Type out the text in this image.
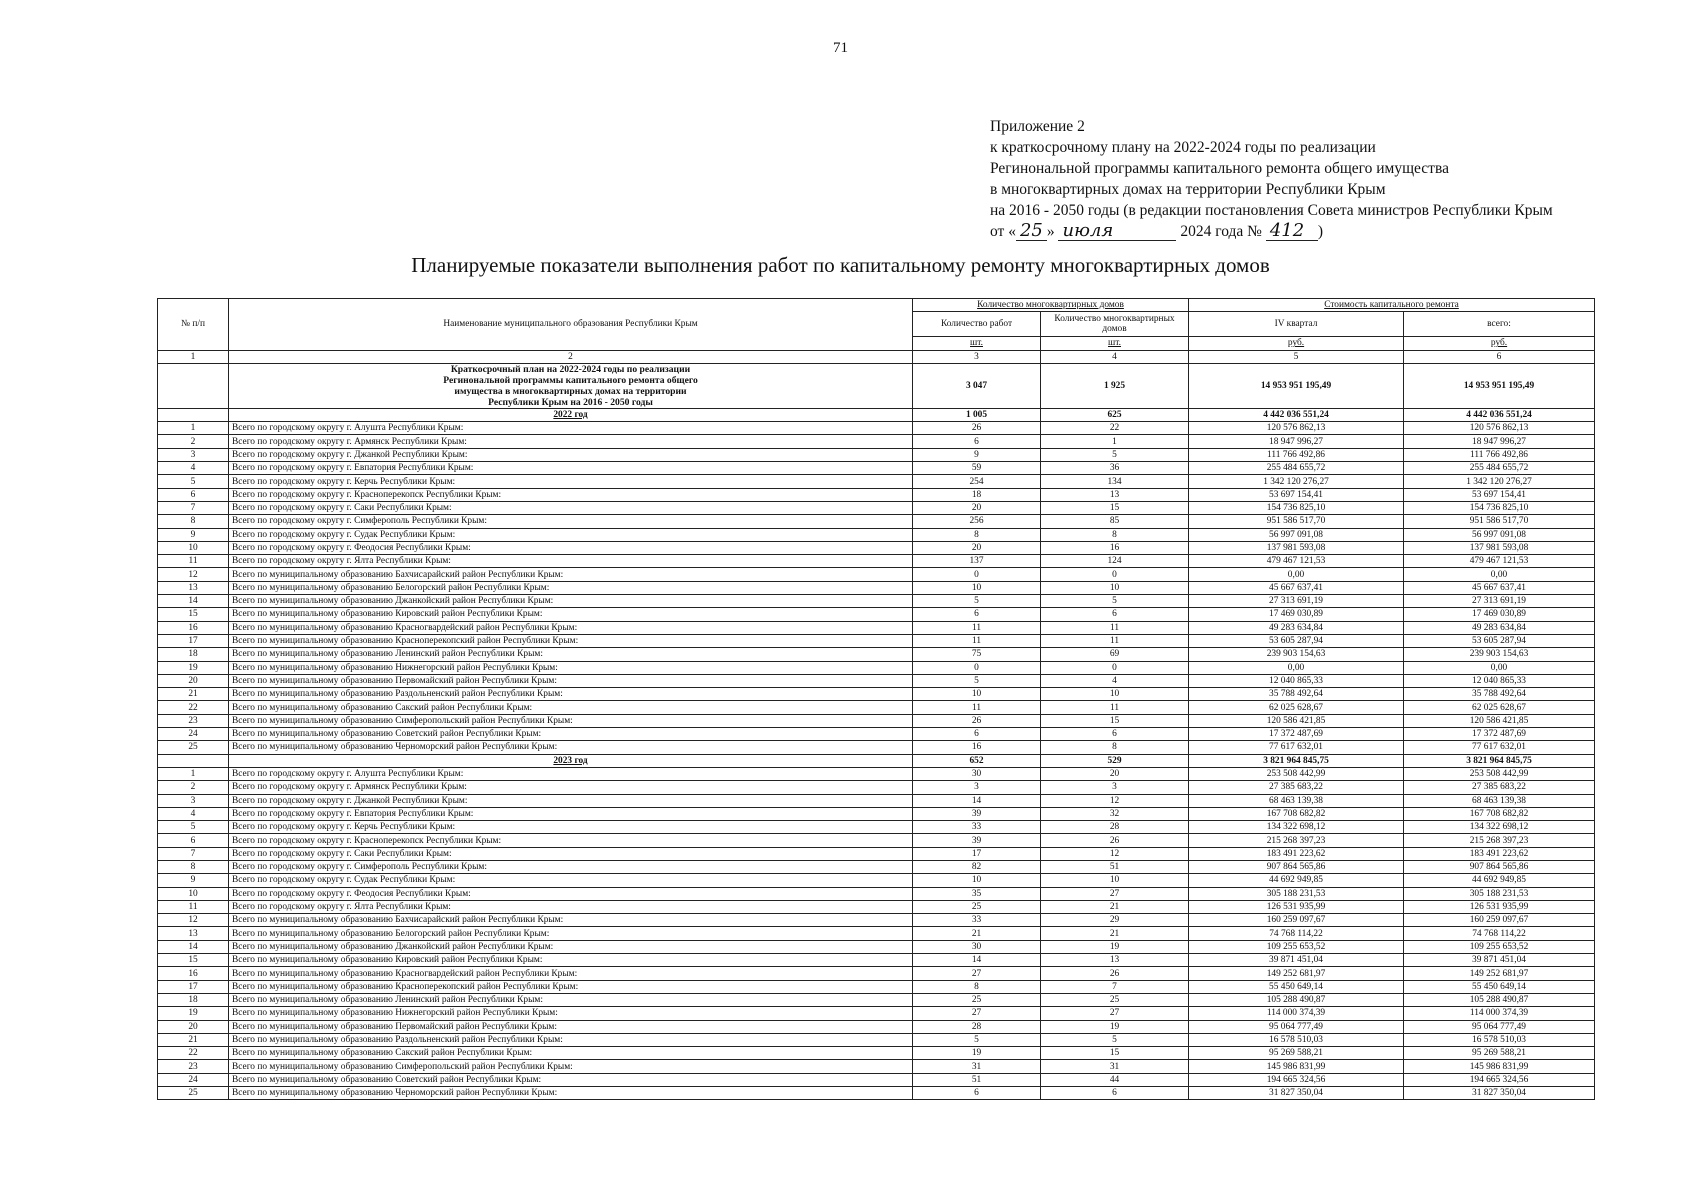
71
Приложение 2
к краткосрочному плану на 2022-2024 годы по реализации
Регинональной программы капитального ремонта общего имущества
в многоквартирных домах на территории Республики Крым
на 2016 - 2050 годы (в редакции постановления Совета министров Республики Крым
от « 25 » июля	2024 года № 412 )
Планируемые показатели выполнения работ по капитальному ремонту многоквартирных домов
№ п/п	Наименование муниципального образования Республики Крым	Количество многоквартирных домов		Стоимость капитального ремонта	
		Количество работ	Количество многоквартирных домов	IV квартал	всего:
		шт.	шт.	руб.	руб.
1	2	3	4	5	6
	Краткосрочный план на 2022-2024 годы по реализации Регинональной программы капитального ремонта общего имущества в многоквартирных домах на территории Республики Крым на 2016 - 2050 годы	3 047	1 925	14 953 951 195,49	14 953 951 195,49
	2022 год	1 005	625	4 442 036 551,24	4 442 036 551,24
1	Всего по городскому округу г. Алушта Республики Крым:	26	22	120 576 862,13	120 576 862,13
2	Всего по городскому округу г. Армянск Республики Крым:	6	1	18 947 996,27	18 947 996,27
3	Всего по городскому округу г. Джанкой Республики Крым:	9	5	111 766 492,86	111 766 492,86
4	Всего по городскому округу г. Евпатория Республики Крым:	59	36	255 484 655,72	255 484 655,72
5	Всего по городскому округу г. Керчь Республики Крым:	254	134	1 342 120 276,27	1 342 120 276,27
6	Всего по городскому округу г. Красноперекопск Республики Крым:	18	13	53 697 154,41	53 697 154,41
7	Всего по городскому округу г. Саки Республики Крым:	20	15	154 736 825,10	154 736 825,10
8	Всего по городскому округу г. Симферополь Республики Крым:	256	85	951 586 517,70	951 586 517,70
9	Всего по городскому округу г. Судак Республики Крым:	8	8	56 997 091,08	56 997 091,08
10	Всего по городскому округу г. Феодосия Республики Крым:	20	16	137 981 593,08	137 981 593,08
11	Всего по городскому округу г. Ялта Республики Крым:	137	124	479 467 121,53	479 467 121,53
12	Всего по муниципальному образованию Бахчисарайский район Республики Крым:	0	0	0,00	0,00
13	Всего по муниципальному образованию Белогорский район Республики Крым:	10	10	45 667 637,41	45 667 637,41
14	Всего по муниципальному образованию Джанкойский район Республики Крым:	5	5	27 313 691,19	27 313 691,19
15	Всего по муниципальному образованию Кировский район Республики Крым:	6	6	17 469 030,89	17 469 030,89
16	Всего по муниципальному образованию Красногвардейский район Республики Крым:	11	11	49 283 634,84	49 283 634,84
17	Всего по муниципальному образованию Красноперекопский район Республики Крым:	11	11	53 605 287,94	53 605 287,94
18	Всего по муниципальному образованию Ленинский район Республики Крым:	75	69	239 903 154,63	239 903 154,63
19	Всего по муниципальному образованию Нижнегорский район Республики Крым:	0	0	0,00	0,00
20	Всего по муниципальному образованию Первомайский район Республики Крым:	5	4	12 040 865,33	12 040 865,33
21	Всего по муниципальному образованию Раздольненский район Республики Крым:	10	10	35 788 492,64	35 788 492,64
22	Всего по муниципальному образованию Сакский район Республики Крым:	11	11	62 025 628,67	62 025 628,67
23	Всего по муниципальному образованию Симферопольский район Республики Крым:	26	15	120 586 421,85	120 586 421,85
24	Всего по муниципальному образованию Советский район Республики Крым:	6	6	17 372 487,69	17 372 487,69
25	Всего по муниципальному образованию Черноморский район Республики Крым:	16	8	77 617 632,01	77 617 632,01
	2023 год	652	529	3 821 964 845,75	3 821 964 845,75
1	Всего по городскому округу г. Алушта Республики Крым:	30	20	253 508 442,99	253 508 442,99
2	Всего по городскому округу г. Армянск Республики Крым:	3	3	27 385 683,22	27 385 683,22
3	Всего по городскому округу г. Джанкой Республики Крым:	14	12	68 463 139,38	68 463 139,38
4	Всего по городскому округу г. Евпатория Республики Крым:	39	32	167 708 682,82	167 708 682,82
5	Всего по городскому округу г. Керчь Республики Крым:	33	28	134 322 698,12	134 322 698,12
6	Всего по городскому округу г. Красноперекопск Республики Крым:	39	26	215 268 397,23	215 268 397,23
7	Всего по городскому округу г. Саки Республики Крым:	17	12	183 491 223,62	183 491 223,62
8	Всего по городскому округу г. Симферополь Республики Крым:	82	51	907 864 565,86	907 864 565,86
9	Всего по городскому округу г. Судак Республики Крым:	10	10	44 692 949,85	44 692 949,85
10	Всего по городскому округу г. Феодосия Республики Крым:	35	27	305 188 231,53	305 188 231,53
11	Всего по городскому округу г. Ялта Республики Крым:	25	21	126 531 935,99	126 531 935,99
12	Всего по муниципальному образованию Бахчисарайский район Республики Крым:	33	29	160 259 097,67	160 259 097,67
13	Всего по муниципальному образованию Белогорский район Республики Крым:	21	21	74 768 114,22	74 768 114,22
14	Всего по муниципальному образованию Джанкойский район Республики Крым:	30	19	109 255 653,52	109 255 653,52
15	Всего по муниципальному образованию Кировский район Республики Крым:	14	13	39 871 451,04	39 871 451,04
16	Всего по муниципальному образованию Красногвардейский район Республики Крым:	27	26	149 252 681,97	149 252 681,97
17	Всего по муниципальному образованию Красноперекопский район Республики Крым:	8	7	55 450 649,14	55 450 649,14
18	Всего по муниципальному образованию Ленинский район Республики Крым:	25	25	105 288 490,87	105 288 490,87
19	Всего по муниципальному образованию Нижнегорский район Республики Крым:	27	27	114 000 374,39	114 000 374,39
20	Всего по муниципальному образованию Первомайский район Республики Крым:	28	19	95 064 777,49	95 064 777,49
21	Всего по муниципальному образованию Раздольненский район Республики Крым:	5	5	16 578 510,03	16 578 510,03
22	Всего по муниципальному образованию Сакский район Республики Крым:	19	15	95 269 588,21	95 269 588,21
23	Всего по муниципальному образованию Симферопольский район Республики Крым:	31	31	145 986 831,99	145 986 831,99
24	Всего по муниципальному образованию Советский район Республики Крым:	51	44	194 665 324,56	194 665 324,56
25	Всего по муниципальному образованию Черноморский район Республики Крым:	6	6	31 827 350,04	31 827 350,04
